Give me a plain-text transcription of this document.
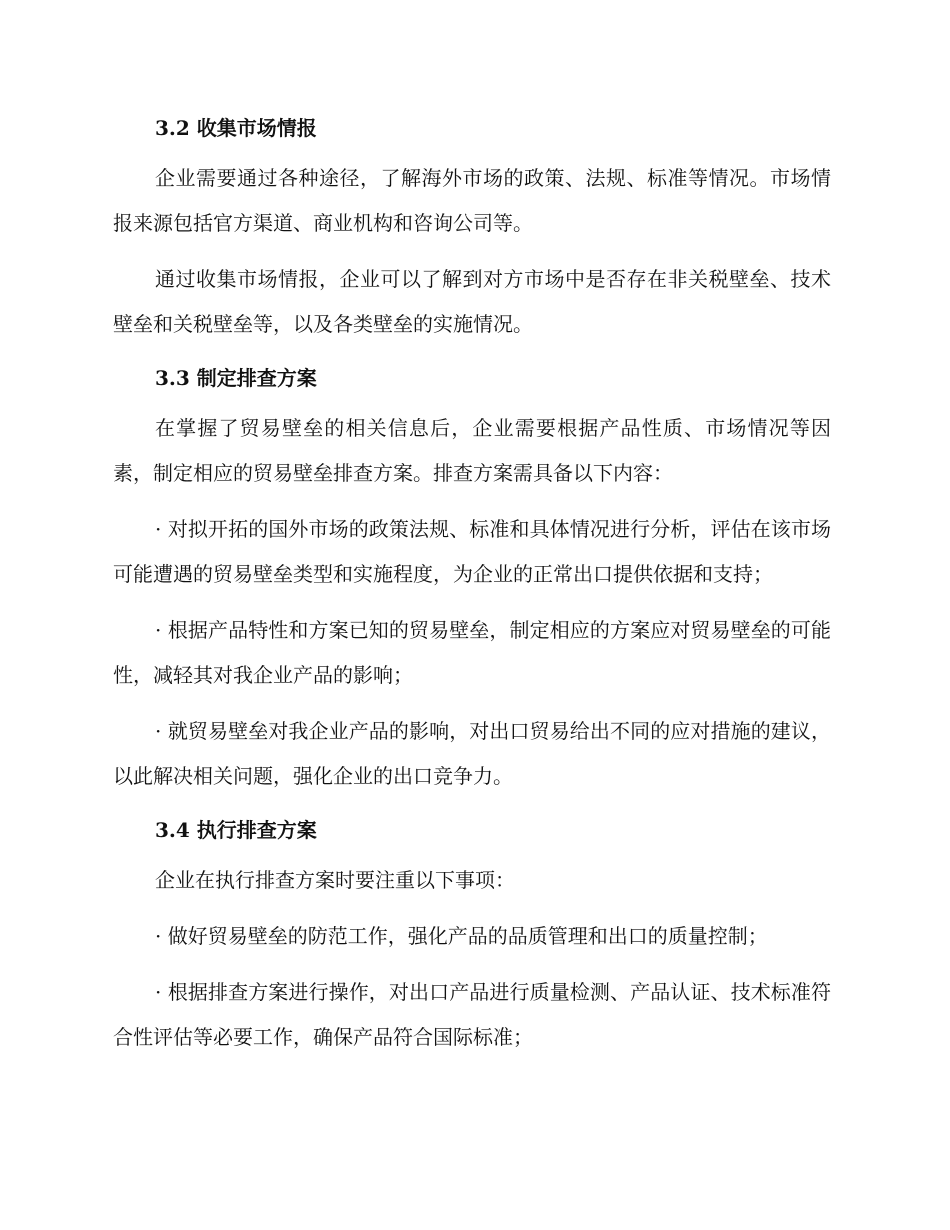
3.2 收集市场情报

企业需要通过各种途径，了解海外市场的政策、法规、标准等情况。市场情报来源包括官方渠道、商业机构和咨询公司等。

通过收集市场情报，企业可以了解到对方市场中是否存在非关税壁垒、技术壁垒和关税壁垒等，以及各类壁垒的实施情况。

3.3 制定排查方案

在掌握了贸易壁垒的相关信息后，企业需要根据产品性质、市场情况等因素，制定相应的贸易壁垒排查方案。排查方案需具备以下内容：

· 对拟开拓的国外市场的政策法规、标准和具体情况进行分析，评估在该市场可能遭遇的贸易壁垒类型和实施程度，为企业的正常出口提供依据和支持；

· 根据产品特性和方案已知的贸易壁垒，制定相应的方案应对贸易壁垒的可能性，减轻其对我企业产品的影响；

· 就贸易壁垒对我企业产品的影响，对出口贸易给出不同的应对措施的建议，以此解决相关问题，强化企业的出口竞争力。

3.4 执行排查方案

企业在执行排查方案时要注重以下事项：

· 做好贸易壁垒的防范工作，强化产品的品质管理和出口的质量控制；

· 根据排查方案进行操作，对出口产品进行质量检测、产品认证、技术标准符合性评估等必要工作，确保产品符合国际标准；
